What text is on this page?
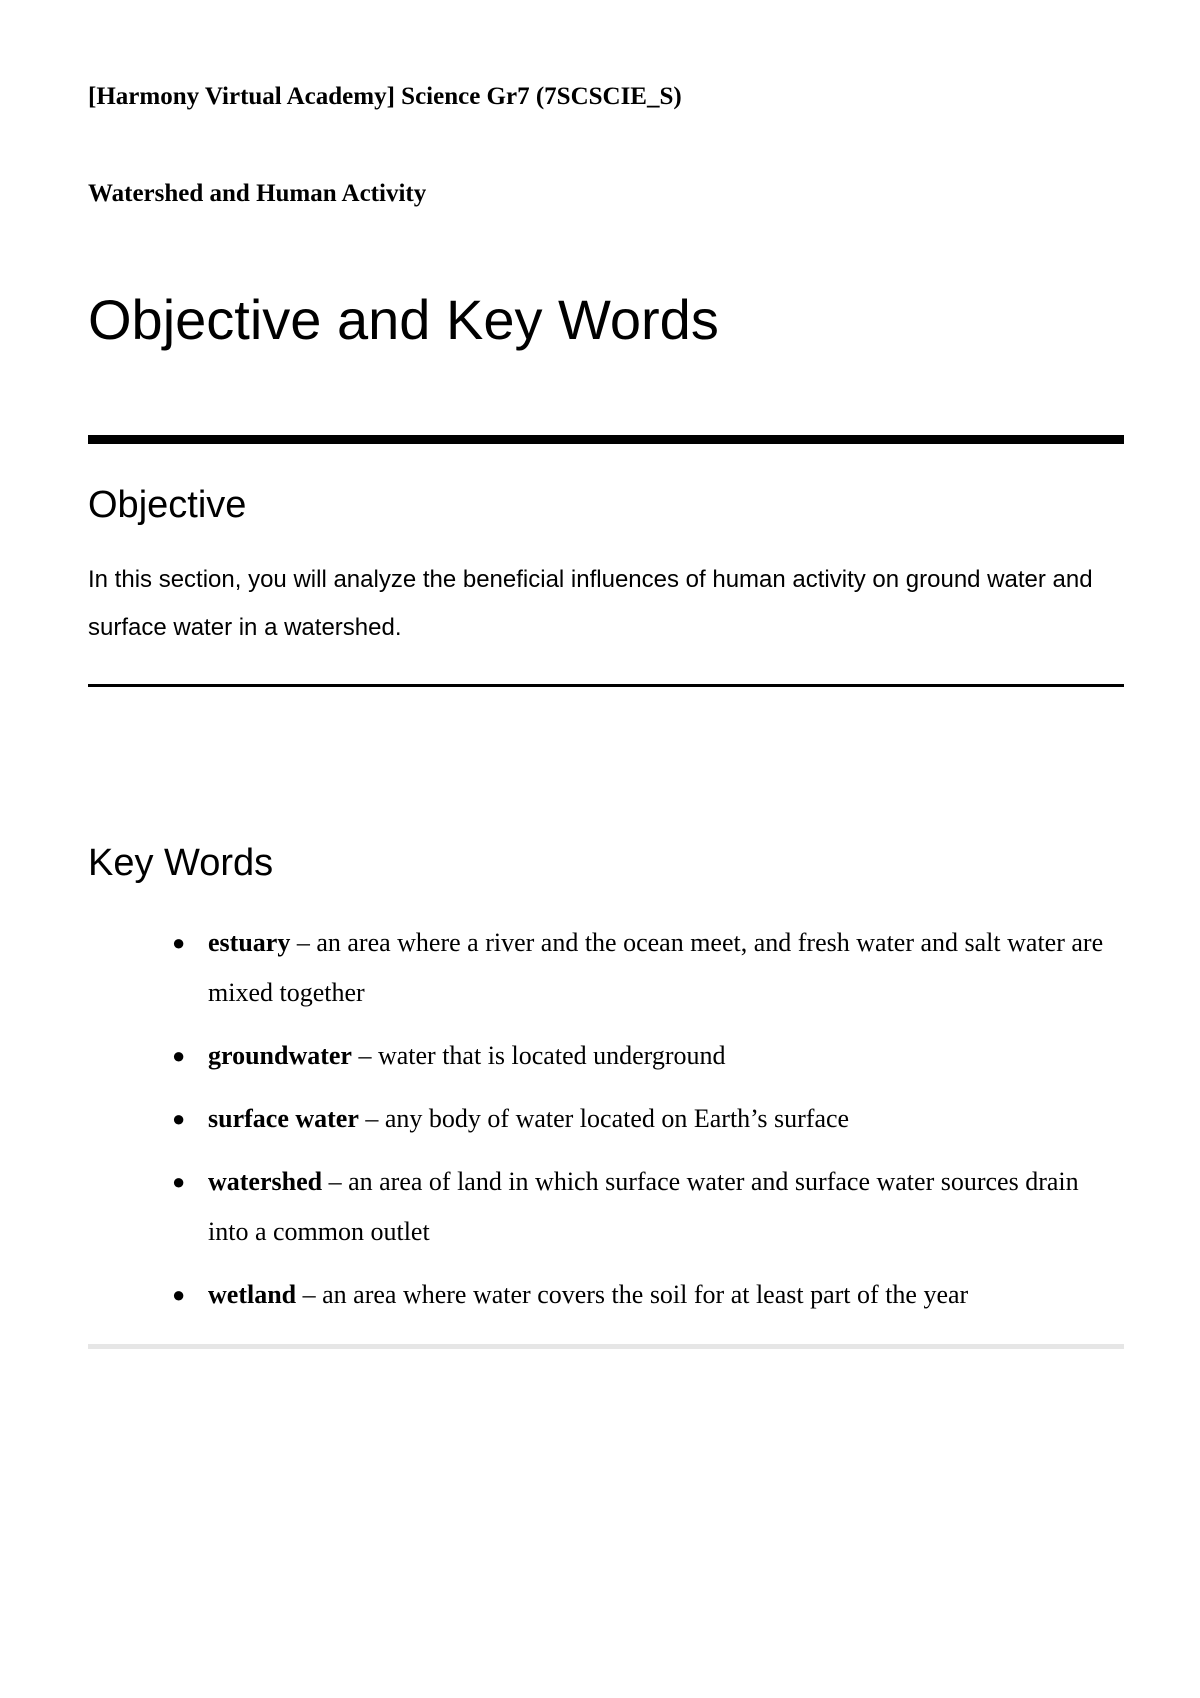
[Harmony Virtual Academy] Science Gr7 (7SCSCIE_S)

Watershed and Human Activity

Objective and Key Words
Objective

In this section, you will analyze the beneficial influences of human activity on ground water and surface water in a watershed.

Key Words
● estuary – an area where a river and the ocean meet, and fresh water and salt water are mixed together
● groundwater – water that is located underground
● surface water – any body of water located on Earth’s surface
● watershed – an area of land in which surface water and surface water sources drain into a common outlet
● wetland – an area where water covers the soil for at least part of the year
